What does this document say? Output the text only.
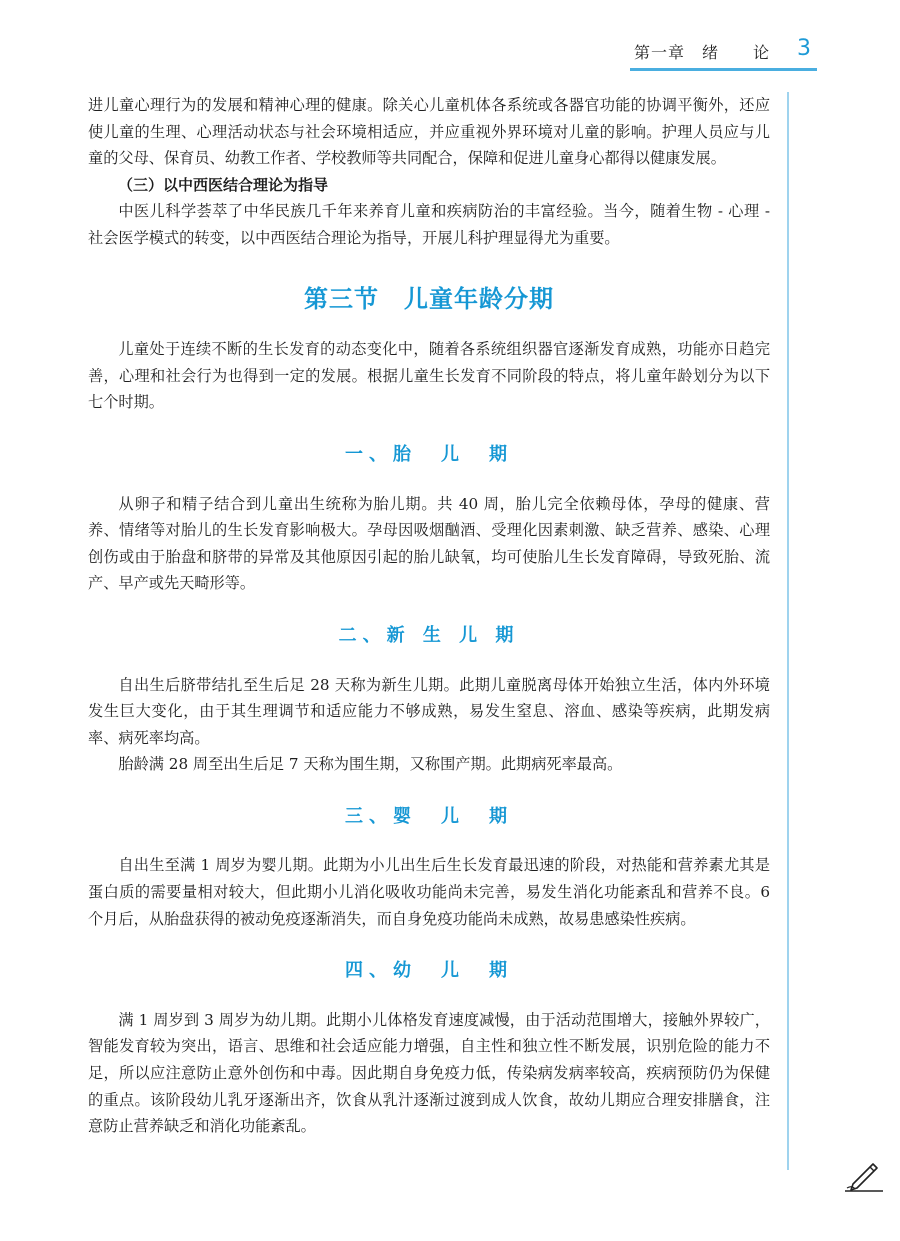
第一章　绪　　论 3

进儿童心理行为的发展和精神心理的健康。除关心儿童机体各系统或各器官功能的协调平衡外，还应使儿童的生理、心理活动状态与社会环境相适应，并应重视外界环境对儿童的影响。护理人员应与儿童的父母、保育员、幼教工作者、学校教师等共同配合，保障和促进儿童身心都得以健康发展。

（三）以中西医结合理论为指导

中医儿科学荟萃了中华民族几千年来养育儿童和疾病防治的丰富经验。当今，随着生物 - 心理 - 社会医学模式的转变，以中西医结合理论为指导，开展儿科护理显得尤为重要。

第三节　儿童年龄分期

儿童处于连续不断的生长发育的动态变化中，随着各系统组织器官逐渐发育成熟，功能亦日趋完善，心理和社会行为也得到一定的发展。根据儿童生长发育不同阶段的特点，将儿童年龄划分为以下七个时期。

一、胎　儿　期

从卵子和精子结合到儿童出生统称为胎儿期。共 40 周，胎儿完全依赖母体，孕母的健康、营养、情绪等对胎儿的生长发育影响极大。孕母因吸烟酗酒、受理化因素刺激、缺乏营养、感染、心理创伤或由于胎盘和脐带的异常及其他原因引起的胎儿缺氧，均可使胎儿生长发育障碍，导致死胎、流产、早产或先天畸形等。

二、新 生 儿 期

自出生后脐带结扎至生后足 28 天称为新生儿期。此期儿童脱离母体开始独立生活，体内外环境发生巨大变化，由于其生理调节和适应能力不够成熟，易发生窒息、溶血、感染等疾病，此期发病率、病死率均高。

胎龄满 28 周至出生后足 7 天称为围生期，又称围产期。此期病死率最高。

三、婴　儿　期

自出生至满 1 周岁为婴儿期。此期为小儿出生后生长发育最迅速的阶段，对热能和营养素尤其是蛋白质的需要量相对较大，但此期小儿消化吸收功能尚未完善，易发生消化功能紊乱和营养不良。6 个月后，从胎盘获得的被动免疫逐渐消失，而自身免疫功能尚未成熟，故易患感染性疾病。

四、幼　儿　期

满 1 周岁到 3 周岁为幼儿期。此期小儿体格发育速度减慢，由于活动范围增大，接触外界较广，智能发育较为突出，语言、思维和社会适应能力增强，自主性和独立性不断发展，识别危险的能力不足，所以应注意防止意外创伤和中毒。因此期自身免疫力低，传染病发病率较高，疾病预防仍为保健的重点。该阶段幼儿乳牙逐渐出齐，饮食从乳汁逐渐过渡到成人饮食，故幼儿期应合理安排膳食，注意防止营养缺乏和消化功能紊乱。
